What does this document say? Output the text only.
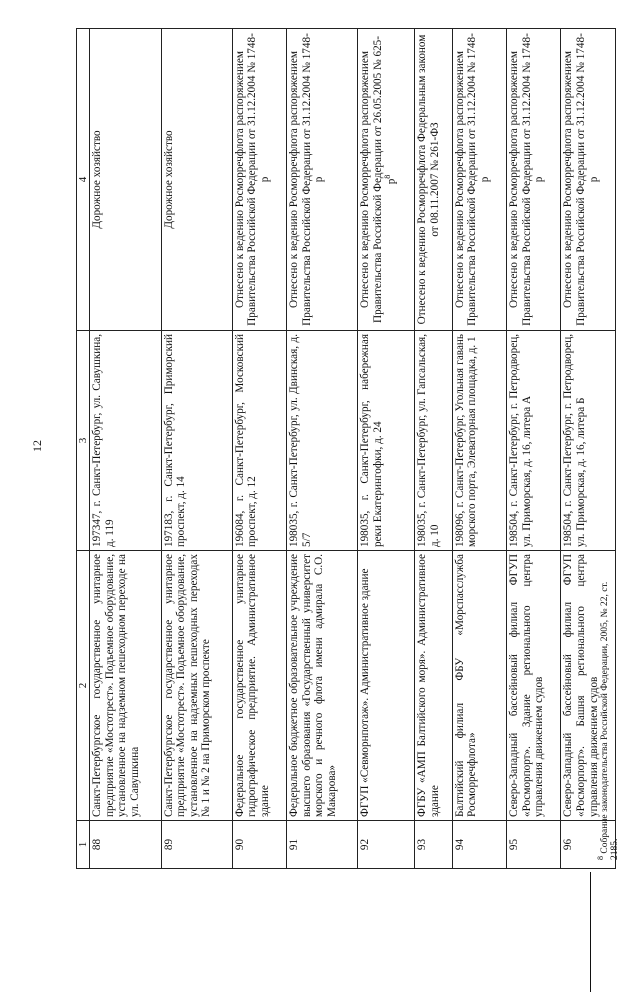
12
1	2	3	4
88	Санкт-Петербургское государственное унитарное предприятие «Мостотрест». Подъемное оборудование, установленное на надземном пешеходном переходе на ул. Савушкина	197347, г. Санкт-Петербург, ул. Савушкина, д. 119	Дорожное хозяйство
89	Санкт-Петербургское государственное унитарное предприятие «Мостотрест». Подъемное оборудование, установленное на надземных пешеходных переходах № 1 и № 2 на Приморском проспекте	197183, г. Санкт-Петербург, Приморский проспект, д. 14	Дорожное хозяйство
90	Федеральное государственное унитарное гидрографическое предприятие. Административное здание	196084, г. Санкт-Петербург, Московский проспект, д. 12	Отнесено к ведению Росморречфлота распоряжением Правительства Российской Федерации от 31.12.2004 № 1748-р
91	Федеральное бюджетное образовательное учреждение высшего образования «Государственный университет морского и речного флота имени адмирала С.О. Макарова»	198035, г. Санкт-Петербург, ул. Двинская, д. 5/7	Отнесено к ведению Росморречфлота распоряжением Правительства Российской Федерации от 31.12.2004 № 1748-р
92	ФГУП «Севморнпотаж». Административное здание	198035, г. Санкт-Петербург, набережная реки Екатерингофки, д. 24	Отнесено к ведению Росморречфлота распоряжением Правительства Российской Федерации от 26.05.2005 № $625-р^8$
93	ФГБУ «АМП Балтийского моря». Административное здание	198035, г. Санкт-Петербург, ул. Гапсальская, д. 10	Отнесено к ведению Росморречфлота Федеральным законом от 08.11.2007 № 261-ФЗ
94	Балтийский филиал ФБУ «Морспасслужба Росморречфлота»	198096, г. Санкт-Петербург, Угольная гавань морского порта, Элеваторная площадка, д. 1	Отнесено к ведению Росморречфлота распоряжением Правительства Российской Федерации от 31.12.2004 № 1748-р
95	Северо-Западный бассейновый филиал ФГУП «Росморпорт». Здание регионального центра управления движением судов	198504, г. Санкт-Петербург, г. Петродворец, ул. Приморская, д. 16, литера А	Отнесено к ведению Росморречфлота распоряжением Правительства Российской Федерации от 31.12.2004 № 1748-р
96	Северо-Западный бассейновый филиал ФГУП «Росморпорт». Башня регионального центра управления движением судов	198504, г. Санкт-Петербург, г. Петродворец, ул. Приморская, д. 16, литера Б	Отнесено к ведению Росморречфлота распоряжением Правительства Российской Федерации от 31.12.2004 № 1748-р
$^8$ Собрание законодательства Российской Федерации, 2005, № 22, ст. 2185.
